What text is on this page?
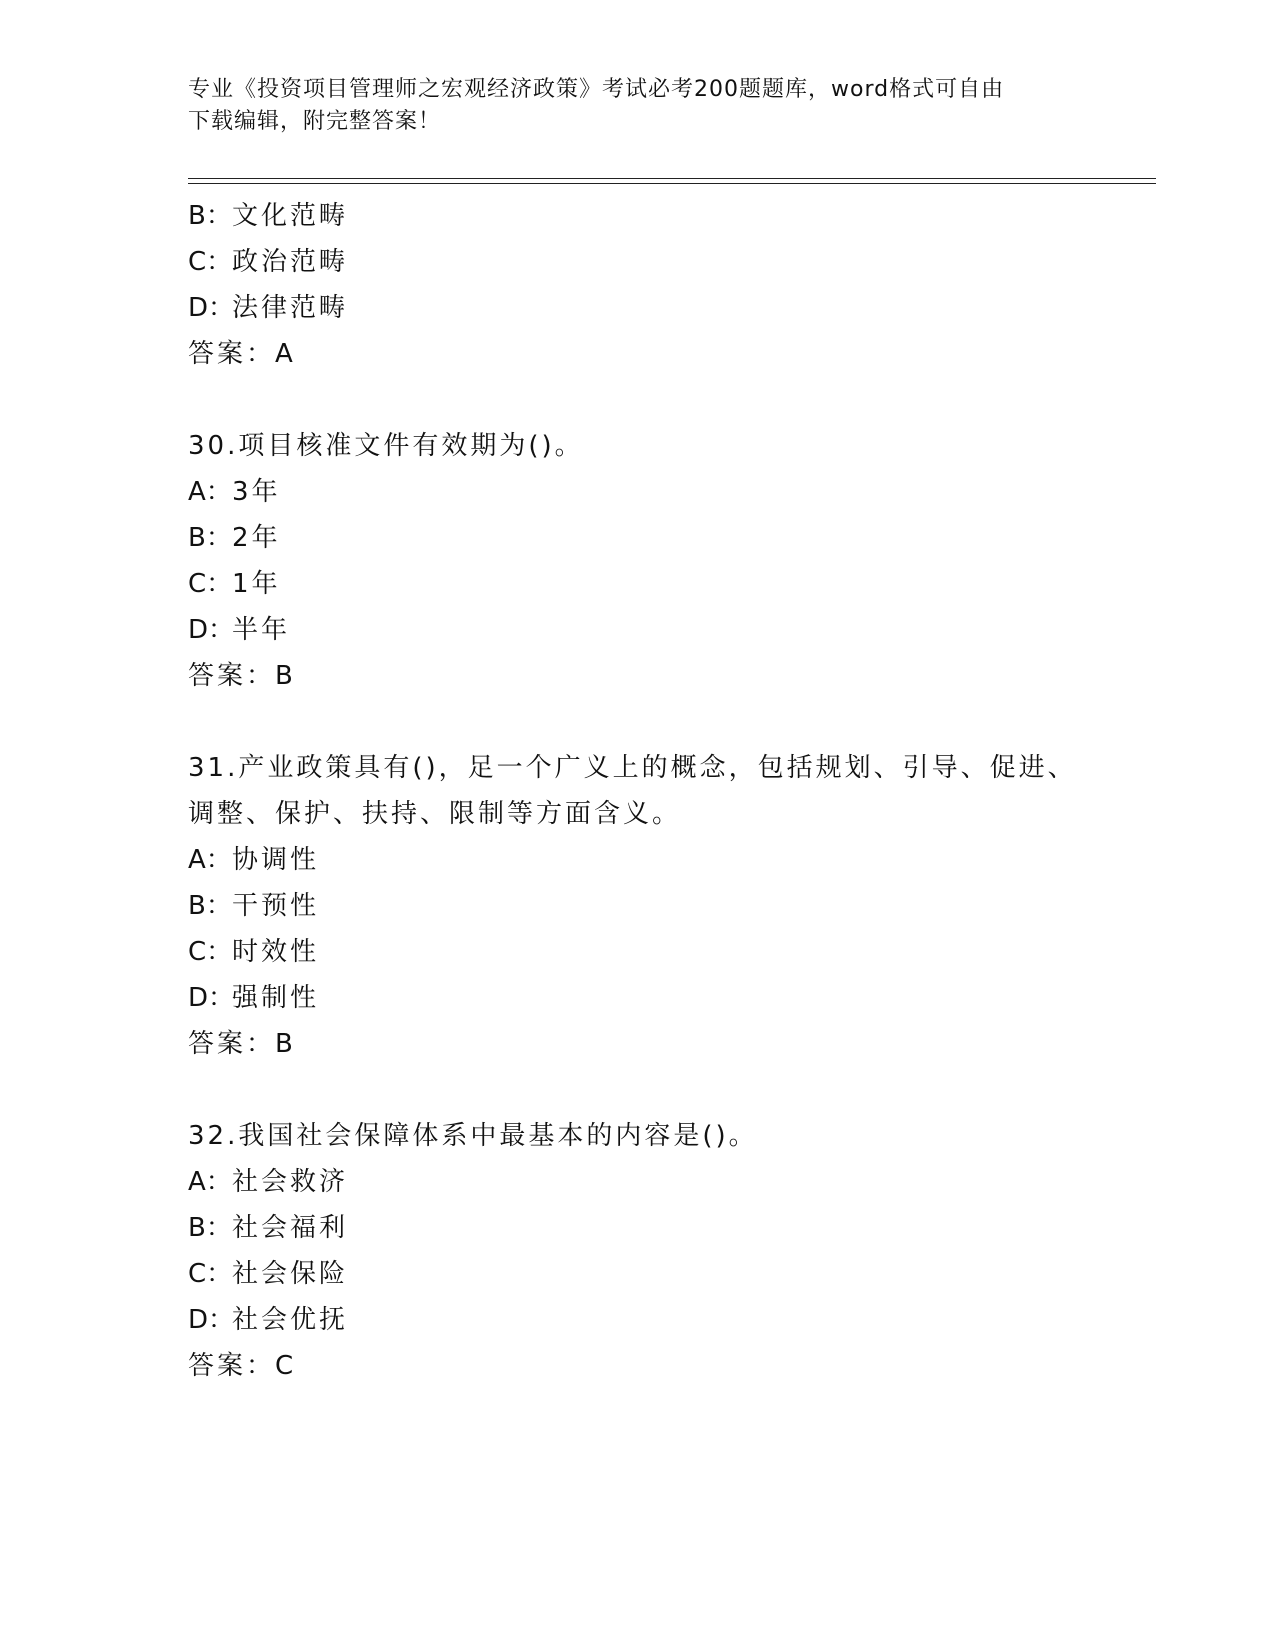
专业《投资项目管理师之宏观经济政策》考试必考200题题库，word格式可自由
下载编辑，附完整答案！
B：文化范畴
C：政治范畴
D：法律范畴
答案：A
30.项目核准文件有效期为()。
A：3年
B：2年
C：1年
D：半年
答案：B
31.产业政策具有()，足一个广义上的概念，包括规划、引导、促进、
调整、保护、扶持、限制等方面含义。
A：协调性
B：干预性
C：时效性
D：强制性
答案：B
32.我国社会保障体系中最基本的内容是()。
A：社会救济
B：社会福利
C：社会保险
D：社会优抚
答案：C
